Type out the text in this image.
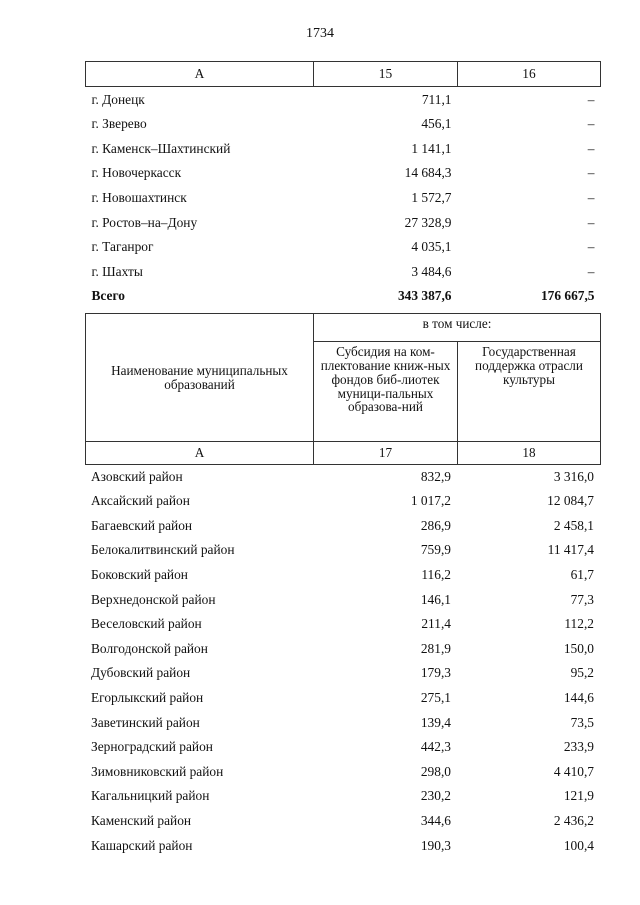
1734
А	15	16
г. Донецк	711,1	–
г. Зверево	456,1	–
г. Каменск–Шахтинский	1 141,1	–
г. Новочеркасск	14 684,3	–
г. Новошахтинск	1 572,7	–
г. Ростов–на–Дону	27 328,9	–
г. Таганрог	4 035,1	–
г. Шахты	3 484,6	–
Всего	343 387,6	176 667,5
Наименование муниципальных образований	в том числе:	
	Субсидия на ком-плектование книж-ных фондов биб-лиотек муници-пальных образова-ний	Государственная поддержка отрасли культуры
А	17	18
Азовский район	832,9	3 316,0
Аксайский район	1 017,2	12 084,7
Багаевский район	286,9	2 458,1
Белокалитвинский район	759,9	11 417,4
Боковский район	116,2	61,7
Верхнедонской район	146,1	77,3
Веселовский район	211,4	112,2
Волгодонской район	281,9	150,0
Дубовский район	179,3	95,2
Егорлыкский район	275,1	144,6
Заветинский район	139,4	73,5
Зерноградский район	442,3	233,9
Зимовниковский район	298,0	4 410,7
Кагальницкий район	230,2	121,9
Каменский район	344,6	2 436,2
Кашарский район	190,3	100,4
